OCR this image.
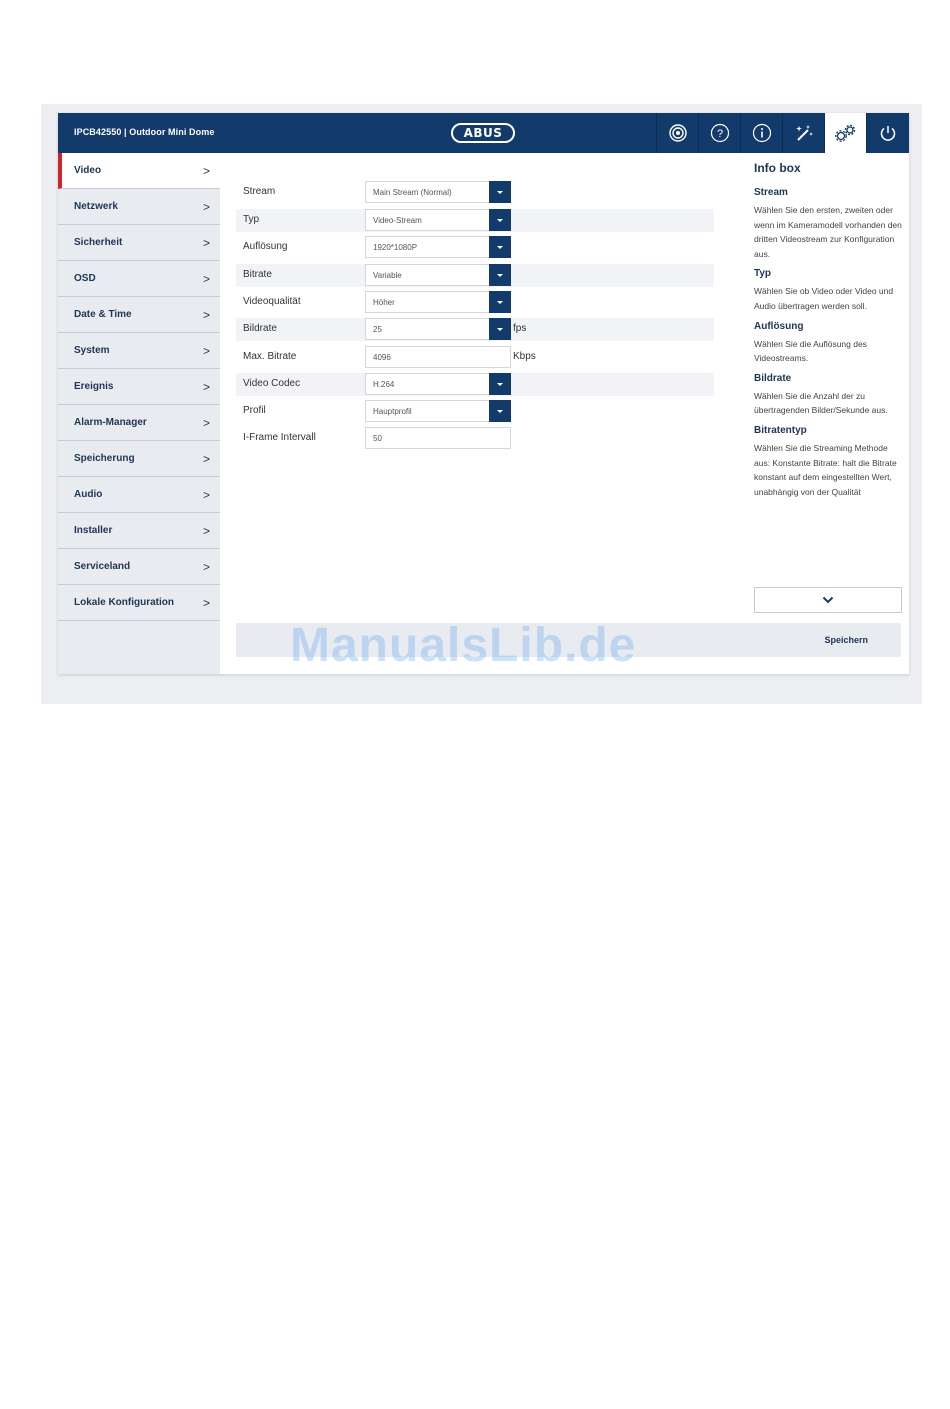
IPCB42550 | Outdoor Mini Dome	ABUS	?
Video	>
Netzwerk	>
Sicherheit	>
OSD	>
Date & Time	>
System	>
Ereignis	>
Alarm-Manager	>
Speicherung	>
Audio	>
Installer	>
Serviceland	>
Lokale Konfiguration >
Stream	Main Stream (Normal)
Typ	Video-Stream
Auflösung	1920*1080P
Bitrate	Variable
Videoqualität	Höher
Bildrate	25	fps
Max. Bitrate	4096	Kbps
Video Codec	H.264
Profil	Hauptprofil
I-Frame Intervall	50
Info box
Stream
Wählen Sie den ersten, zweiten oder wenn im Kameramodell vorhanden den dritten Videostream zur Konfiguration aus.
Typ
Wählen Sie ob Video oder Video und Audio übertragen werden soll.
Auflösung
Wählen Sie die Auflösung des Videostreams.
Bildrate
Wählen Sie die Anzahl der zu übertragenden Bilder/Sekunde aus.
Bitratentyp
Wählen Sie die Streaming Methode aus: Konstante Bitrate: halt die Bitrate konstant auf dem eingestellten Wert, unabhängig von der Qualität
Speichern
ManualsLib.de
